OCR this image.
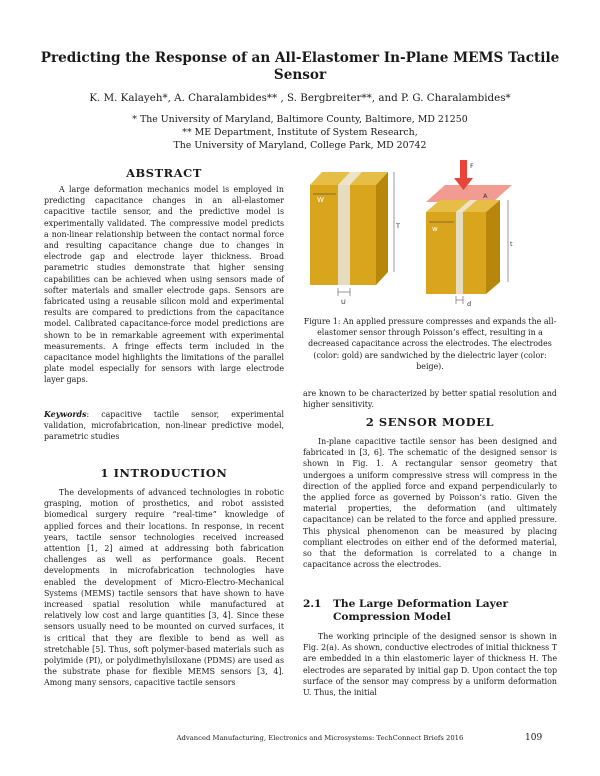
Predicting the Response of an All-Elastomer In-Plane MEMS Tactile Sensor
K. M. Kalayeh*, A. Charalambides** , S. Bergbreiter**, and P. G. Charalambides*
* The University of Maryland, Baltimore County, Baltimore, MD 21250
** ME Department, Institute of System Research,
The University of Maryland, College Park, MD 20742
ABSTRACT
A large deformation mechanics model is employed in predicting capacitance changes in an all-elastomer capacitive tactile sensor, and the predictive model is experimentally validated. The compressive model predicts a non-linear relationship between the contact normal force and resulting capacitance change due to changes in electrode gap and electrode layer thickness. Broad parametric studies demonstrate that higher sensing capabilities can be achieved when using sensors made of softer materials and smaller electrode gaps. Sensors are fabricated using a reusable silicon mold and experimental results are compared to predictions from the capacitance model. Calibrated capacitance-force model predictions are shown to be in remarkable agreement with experimental measurements. A fringe effects term included in the capacitance model highlights the limitations of the parallel plate model especially for sensors with large electrode layer gaps.
Keywords: capacitive tactile sensor, experimental validation, microfabrication, non-linear predictive model, parametric studies
1 INTRODUCTION
The developments of advanced technologies in robotic grasping, motion of prosthetics, and robot assisted biomedical surgery require “real-time” knowledge of applied forces and their locations. In response, in recent years, tactile sensor technologies received increased attention [1, 2] aimed at addressing both fabrication challenges as well as performance goals. Recent developments in microfabrication technologies have enabled the development of Micro-Electro-Mechanical Systems (MEMS) tactile sensors that have shown to have increased spatial resolution while manufactured at relatively low cost and large quantities [3, 4]. Since these sensors usually need to be mounted on curved surfaces, it is critical that they are flexible to bend as well as stretchable [5]. Thus, soft polymer-based materials such as polyimide (PI), or polydimethylsiloxane (PDMS) are used as the substrate phase for flexible MEMS sensors [3, 4]. Among many sensors, capacitive tactile sensors
W
T
U
F
A
w
t
d
Figure 1: An applied pressure compresses and expands the all-elastomer sensor through Poisson’s effect, resulting in a decreased capacitance across the electrodes. The electrodes (color: gold) are sandwiched by the dielectric layer (color: beige).
are known to be characterized by better spatial resolution and higher sensitivity.
2 SENSOR MODEL
In-plane capacitive tactile sensor has been designed and fabricated in [3, 6]. The schematic of the designed sensor is shown in Fig. 1. A rectangular sensor geometry that undergoes a uniform compressive stress will compress in the direction of the applied force and expand perpendicularly to the applied force as governed by Poisson’s ratio. Given the material properties, the deformation (and ultimately capacitance) can be related to the force and applied pressure. This physical phenomenon can be measured by placing compliant electrodes on either end of the deformed material, so that the deformation is correlated to a change in capacitance across the electrodes.
2.1 The Large Deformation Layer Compression Model
The working principle of the designed sensor is shown in Fig. 2(a). As shown, conductive electrodes of initial thickness T are embedded in a thin elastomeric layer of thickness H. The electrodes are separated by initial gap D. Upon contact the top surface of the sensor may compress by a uniform deformation U. Thus, the initial
Advanced Manufacturing, Electronics and Microsystems: TechConnect Briefs 2016	109
